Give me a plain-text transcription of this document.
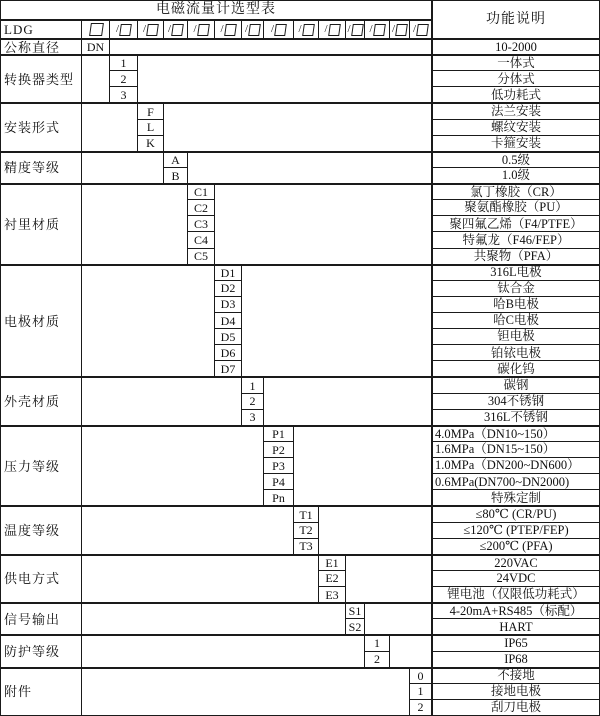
电磁流量计选型表
功能说明
LDG	/ / / / / / / / / / / / /
公称直径	DN	10-2000
转换器类型
1	一体式
2	分体式
3	低功耗式
安装形式
F	法兰安装
L	螺纹安装
K	卡箍安装
精度等级
A	0.5级
B	1.0级
衬里材质
C1	氯丁橡胶（CR）
C2	聚氨酯橡胶（PU）
C3	聚四氟乙烯（F4/PTFE）
C4	特氟龙（F46/FEP）
C5	共聚物（PFA）
电极材质
D1	316L电极
D2	钛合金
D3	哈B电极
D4	哈C电极
D5	钽电极
D6	铂铱电极
D7	碳化钨
外壳材质
1	碳钢
2	304不锈钢
3	316L不锈钢
压力等级
P1	4.0MPa（DN10~150）
P2	1.6MPa（DN15~150）
P3	1.0MPa（DN200~DN600）
P4	0.6MPa(DN700~DN2000)
Pn	特殊定制
温度等级
T1	≤80℃ (CR/PU)
T2	≤120℃ (PTEP/FEP)
T3	≤200℃ (PFA)
供电方式
E1	220VAC
E2	24VDC
E3	锂电池（仅限低功耗式）
信号输出
S1	4-20mA+RS485（标配）
S2	HART
防护等级
1	IP65
2	IP68
附件
0	不接地
1	接地电极
2	刮刀电极
